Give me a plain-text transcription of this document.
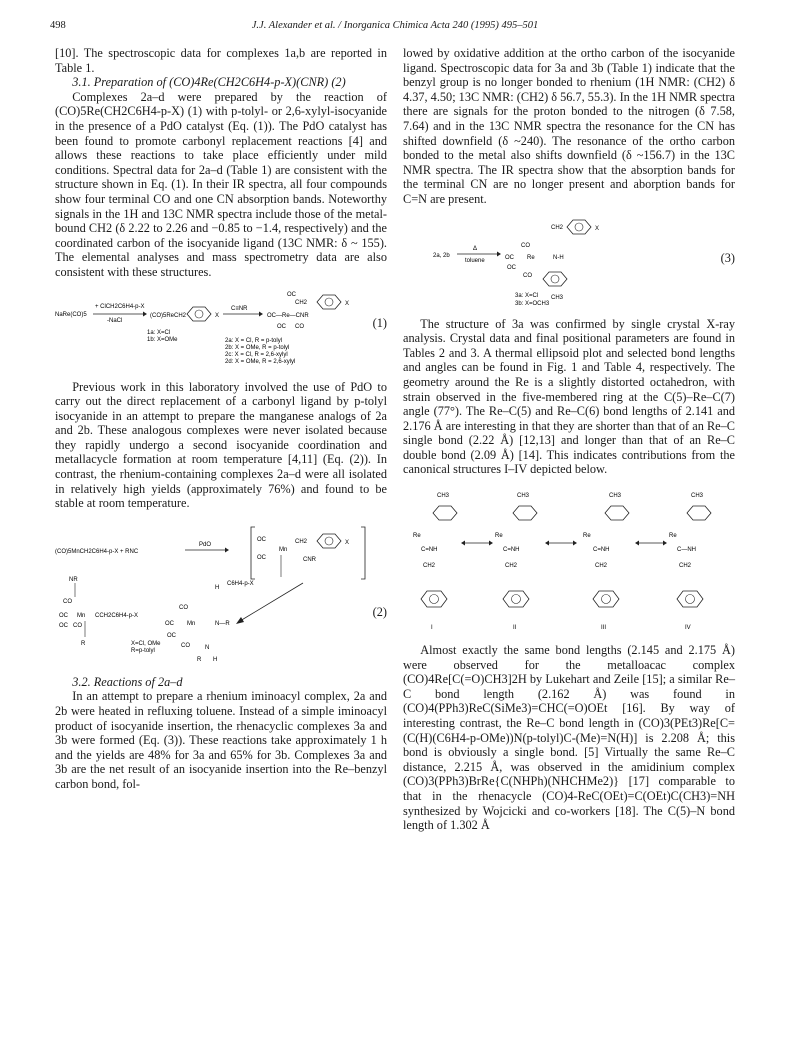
498	J.J. Alexander et al. / Inorganica Chimica Acta 240 (1995) 495–501

[10]. The spectroscopic data for complexes 1a,b are reported in Table 1.

3.1. Preparation of (CO)4Re(CH2C6H4-p-X)(CNR) (2)

Complexes 2a–d were prepared by the reaction of (CO)5Re(CH2C6H4-p-X) (1) with p-tolyl- or 2,6-xylyl-isocyanide in the presence of a PdO catalyst (Eq. (1)). The PdO catalyst has been found to promote carbonyl replacement reactions [4] and allows these reactions to take place efficiently under mild conditions. Spectral data for 2a–d (Table 1) are consistent with the structure shown in Eq. (1). In their IR spectra, all four compounds show four terminal CO and one CN absorption bands. Noteworthy signals in the 1H and 13C NMR spectra include those of the metal-bound CH2 (δ 2.22 to 2.26 and −0.85 to −1.4, respectively) and the coordinated carbon of the isocyanide ligand (13C NMR: δ ~ 155). The elemental analyses and mass spectrometry data are also consistent with these structures.

NaRe(CO)5
+ ClCH2C6H4-p-X
-NaCl
(CO)5ReCH2	X
C≡NR
OC
CH2	X
OC—Re—CNR
OC CO
1a: X=Cl
1b: X=OMe	2a: X = Cl, R = p-tolyl
2b: X = OMe, R = p-tolyl
2c: X = Cl, R = 2,6-xylyl
2d: X = OMe, R = 2,6-xylyl
(1)

Previous work in this laboratory involved the use of PdO to carry out the direct replacement of a carbonyl ligand by p-tolyl isocyanide in an attempt to prepare the manganese analogs of 2a and 2b. These analogous complexes were never isolated because they rapidly undergo a second isocyanide coordination and metallacycle formation at room temperature [4,11] (Eq. (2)). In contrast, the rhenium-containing complexes 2a–d were all isolated in relatively high yields (approximately 76%) and found to be stable at room temperature.

(CO)5MnCH2C6H4-p-X + RNC
PdO
OC
OC
Mn
CH2
CNR
X
NR
CO
OC Mn CCH2C6H4-p-X
OC CO
R	X=Cl, OMe
R=p-tolyl
H
C6H4-p-X
CO
OC Mn	N—R
OC
CO	N
R H
(2)

3.2. Reactions of 2a–d

In an attempt to prepare a rhenium iminoacyl complex, 2a and 2b were heated in refluxing toluene. Instead of a simple iminoacyl product of isocyanide insertion, the rhenacyclic complexes 3a and 3b were formed (Eq. (3)). These reactions take approximately 1 h and the yields are 48% for 3a and 65% for 3b. Complexes 3a and 3b are the net result of an isocyanide insertion into the Re–benzyl carbon bond, fol-

lowed by oxidative addition at the ortho carbon of the isocyanide ligand. Spectroscopic data for 3a and 3b (Table 1) indicate that the benzyl group is no longer bonded to rhenium (1H NMR: (CH2) δ 4.37, 4.50; 13C NMR: (CH2) δ 56.7, 55.3). In the 1H NMR spectra there are signals for the proton bonded to the nitrogen (δ 7.58, 7.64) and in the 13C NMR spectra the resonance for the CN has shifted downfield (δ ~240). The resonance of the ortho carbon bonded to the metal also shifts downfield (δ ~156.7) in the 13C NMR spectra. The IR spectra show that the absorption bands for the terminal CN are no longer present and aborption bands for C=N are present.

2a, 2b
Δ
toluene
CH2	X
CO
OC Re	N-H
OC
CO
CH3
3a: X=Cl
3b: X=OCH3
(3)

The structure of 3a was confirmed by single crystal X-ray analysis. Crystal data and final positional parameters are found in Tables 2 and 3. A thermal ellipsoid plot and selected bond lengths and angles can be found in Fig. 1 and Table 4, respectively. The geometry around the Re is a slightly distorted octahedron, with strain observed in the five-membered ring at the C(5)–Re–C(7) angle (77°). The Re–C(5) and Re–C(6) bond lengths of 2.141 and 2.176 Å are interesting in that they are shorter than that of an Re–C single bond (2.22 Å) [12,13] and longer than that of an Re–C double bond (2.09 Å) [14]. This indicates contributions from the canonical structures I–IV depicted below.

CH3
Re
C=NH
CH2
I
CH3
Re
C=NH
CH2
II
CH3
Re
C=NH
CH2
III
CH3
Re
C—NH
CH2
IV

Almost exactly the same bond lengths (2.145 and 2.175 Å) were observed for the metalloacac complex (CO)4Re[C(=O)CH3]2H by Lukehart and Zeile [15]; a similar Re–C bond length (2.162 Å) was found in (CO)4(PPh3)ReC(SiMe3)=CHC(=O)OEt [16]. By way of interesting contrast, the Re–C bond length in (CO)3(PEt3)Re[C=(C(H)(C6H4-p-OMe))N(p-tolyl)C-(Me)=N(H)] is 2.208 Å; this bond is obviously a single bond. [5] Virtually the same Re–C distance, 2.215 Å, was observed in the amidinium complex (CO)3(PPh3)BrRe{C(NHPh)(NHCHMe2)} [17] comparable to that in the rhenacycle (CO)4-ReC(OEt)=C(OEt)C(CH3)=NH synthesized by Wojcicki and co-workers [18]. The C(5)–N bond length of 1.302 Å
